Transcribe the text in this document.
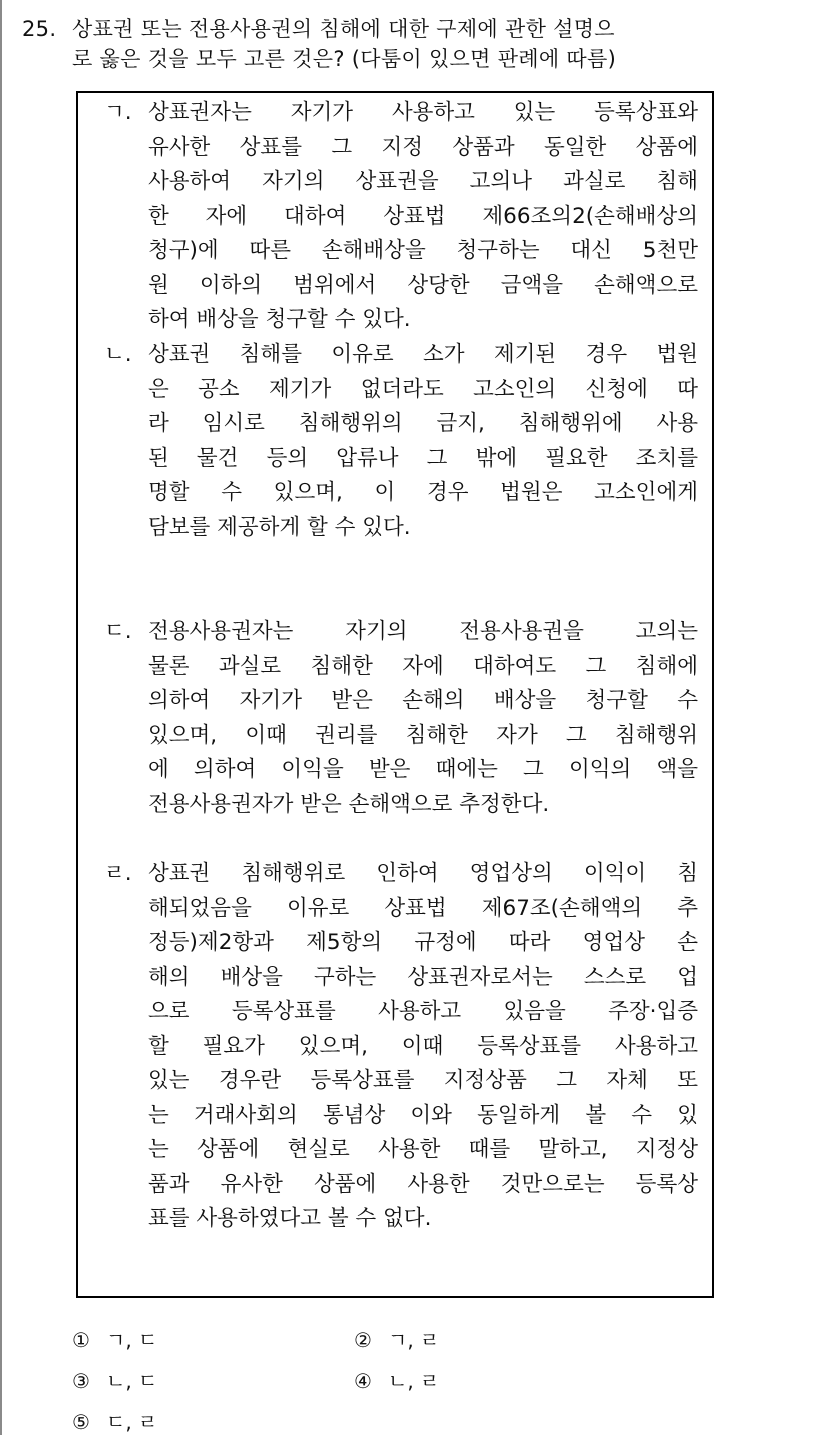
25. 상표권 또는 전용사용권의 침해에 대한 구제에 관한 설명으
로 옳은 것을 모두 고른 것은? (다툼이 있으면 판례에 따름)
ㄱ. 상표권자는 자기가 사용하고 있는 등록상표와
유사한 상표를 그 지정 상품과 동일한 상품에
사용하여 자기의 상표권을 고의나 과실로 침해
한 자에 대하여 상표법 제66조의2(손해배상의
청구)에 따른 손해배상을 청구하는 대신 5천만
원 이하의 범위에서 상당한 금액을 손해액으로
하여 배상을 청구할 수 있다.
ㄴ. 상표권 침해를 이유로 소가 제기된 경우 법원
은 공소 제기가 없더라도 고소인의 신청에 따
라 임시로 침해행위의 금지, 침해행위에 사용
된 물건 등의 압류나 그 밖에 필요한 조치를
명할 수 있으며, 이 경우 법원은 고소인에게
담보를 제공하게 할 수 있다.
ㄷ. 전용사용권자는 자기의 전용사용권을 고의는
물론 과실로 침해한 자에 대하여도 그 침해에
의하여 자기가 받은 손해의 배상을 청구할 수
있으며, 이때 권리를 침해한 자가 그 침해행위
에 의하여 이익을 받은 때에는 그 이익의 액을
전용사용권자가 받은 손해액으로 추정한다.
ㄹ. 상표권 침해행위로 인하여 영업상의 이익이 침
해되었음을 이유로 상표법 제67조(손해액의 추
정등)제2항과 제5항의 규정에 따라 영업상 손
해의 배상을 구하는 상표권자로서는 스스로 업
으로 등록상표를 사용하고 있음을 주장·입증
할 필요가 있으며, 이때 등록상표를 사용하고
있는 경우란 등록상표를 지정상품 그 자체 또
는 거래사회의 통념상 이와 동일하게 볼 수 있
는 상품에 현실로 사용한 때를 말하고, 지정상
품과 유사한 상품에 사용한 것만으로는 등록상
표를 사용하였다고 볼 수 없다.
① ㄱ, ㄷ	② ㄱ, ㄹ
③ ㄴ, ㄷ	④ ㄴ, ㄹ
⑤ ㄷ, ㄹ
